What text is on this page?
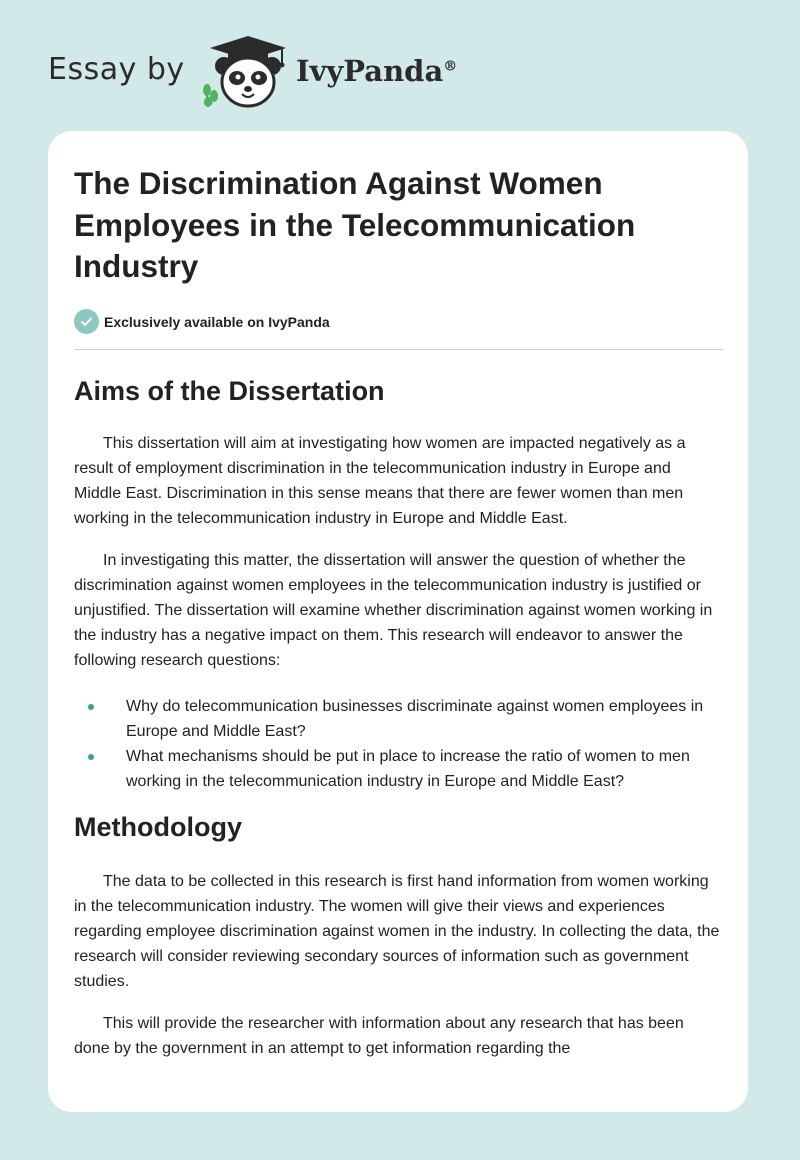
Essay by	IvyPanda®
The Discrimination Against Women Employees in the Telecommunication Industry
Exclusively available on IvyPanda
Aims of the Dissertation

This dissertation will aim at investigating how women are impacted negatively as a result of employment discrimination in the telecommunication industry in Europe and Middle East. Discrimination in this sense means that there are fewer women than men working in the telecommunication industry in Europe and Middle East.

In investigating this matter, the dissertation will answer the question of whether the discrimination against women employees in the telecommunication industry is justified or unjustified. The dissertation will examine whether discrimination against women working in the industry has a negative impact on them. This research will endeavor to answer the following research questions:

Why do telecommunication businesses discriminate against women employees in Europe and Middle East?
What mechanisms should be put in place to increase the ratio of women to men working in the telecommunication industry in Europe and Middle East?
Methodology

The data to be collected in this research is first hand information from women working in the telecommunication industry. The women will give their views and experiences regarding employee discrimination against women in the industry. In collecting the data, the research will consider reviewing secondary sources of information such as government studies.

This will provide the researcher with information about any research that has been done by the government in an attempt to get information regarding the
